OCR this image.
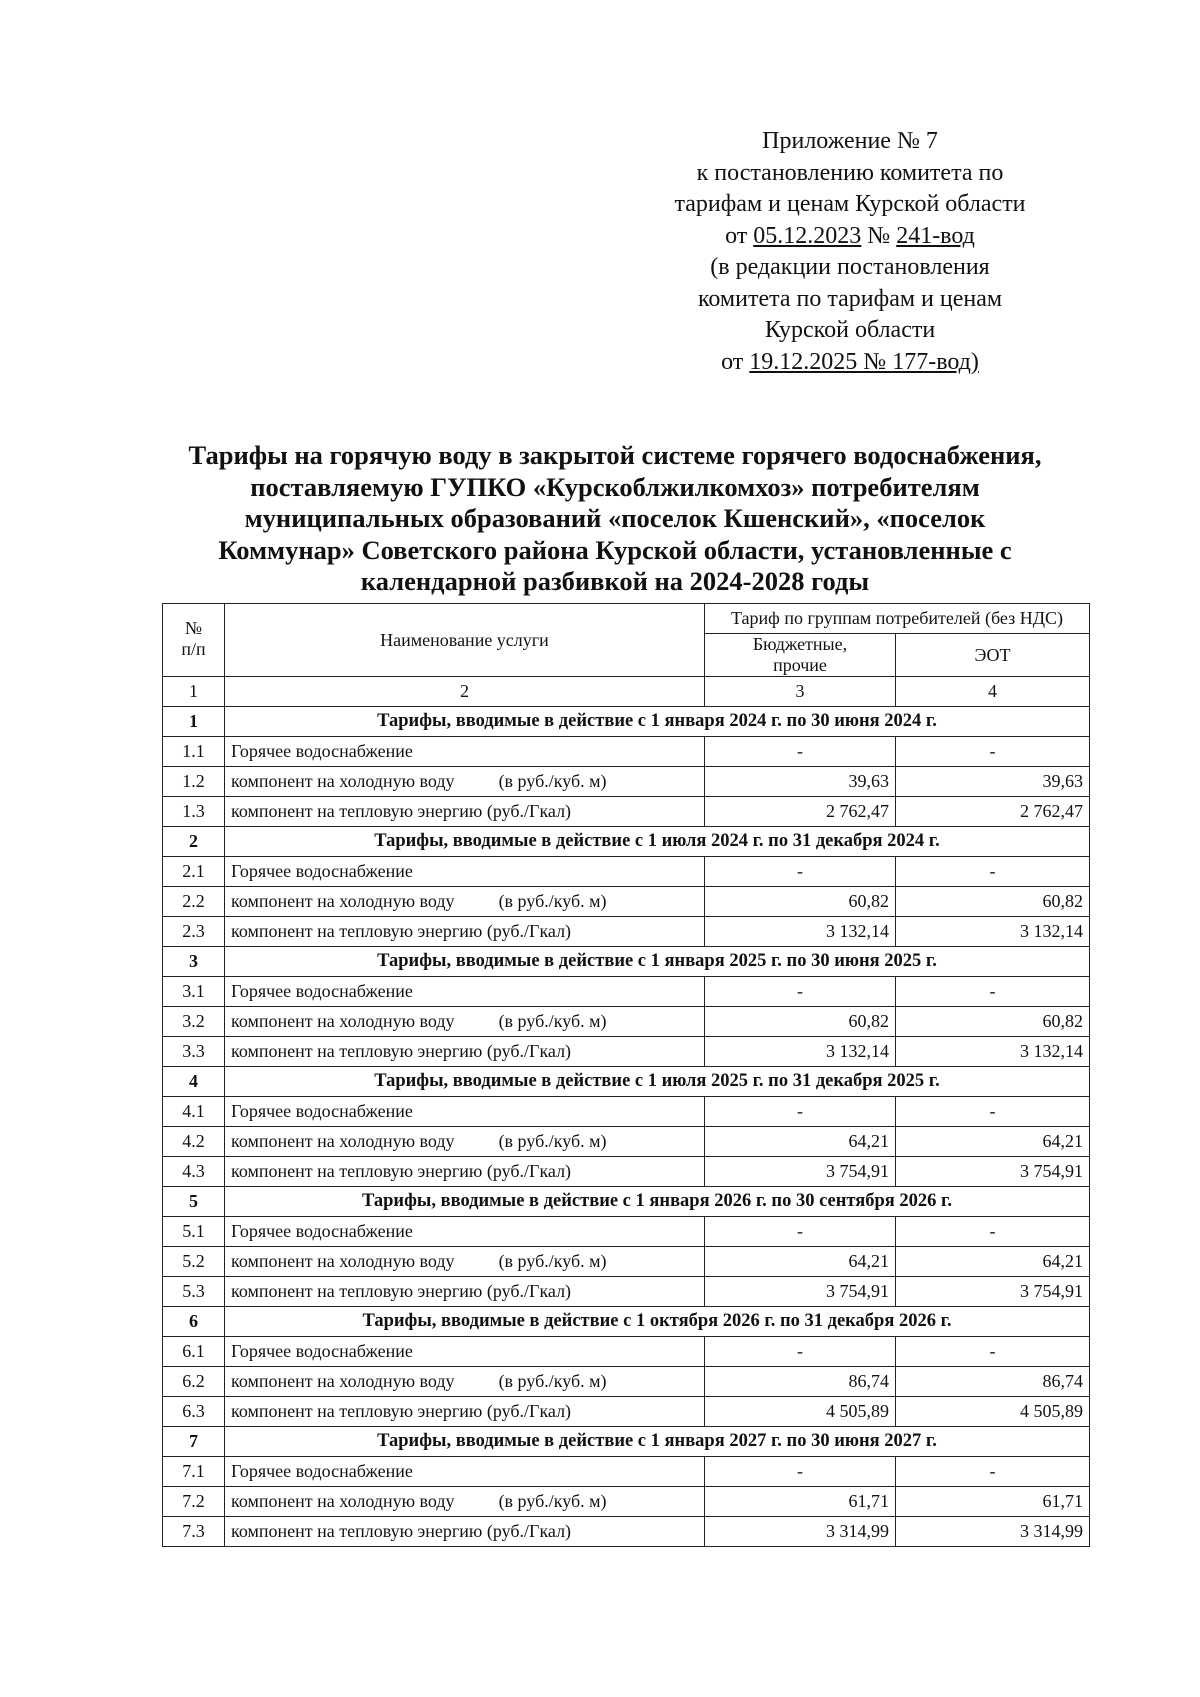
Приложение № 7
к постановлению комитета по
тарифам и ценам Курской области
от 05.12.2023 № 241-вод
(в редакции постановления
комитета по тарифам и ценам
Курской области
от 19.12.2025 № 177-вод)
Тарифы на горячую воду в закрытой системе горячего водоснабжения,
поставляемую ГУПКО «Курскоблжилкомхоз» потребителям
муниципальных образований «поселок Кшенский», «поселок
Коммунар» Советского района Курской области, установленные с
календарной разбивкой на 2024-2028 годы
№
п/п	Наименование услуги	Тариф по группам потребителей (без НДС)	
		Бюджетные, прочие	ЭОТ
1	2	3	4
1	Тарифы, вводимые в действие с 1 января 2024 г. по 30 июня 2024 г.		
1.1	Горячее водоснабжение	-	-
1.2	компонент на холодную воду (в руб./куб. м)	39,63	39,63
1.3	компонент на тепловую энергию (руб./Гкал)	2 762,47	2 762,47
2	Тарифы, вводимые в действие с 1 июля 2024 г. по 31 декабря 2024 г.		
2.1	Горячее водоснабжение	-	-
2.2	компонент на холодную воду (в руб./куб. м)	60,82	60,82
2.3	компонент на тепловую энергию (руб./Гкал)	3 132,14	3 132,14
3	Тарифы, вводимые в действие с 1 января 2025 г. по 30 июня 2025 г.		
3.1	Горячее водоснабжение	-	-
3.2	компонент на холодную воду (в руб./куб. м)	60,82	60,82
3.3	компонент на тепловую энергию (руб./Гкал)	3 132,14	3 132,14
4	Тарифы, вводимые в действие с 1 июля 2025 г. по 31 декабря 2025 г.		
4.1	Горячее водоснабжение	-	-
4.2	компонент на холодную воду (в руб./куб. м)	64,21	64,21
4.3	компонент на тепловую энергию (руб./Гкал)	3 754,91	3 754,91
5	Тарифы, вводимые в действие с 1 января 2026 г. по 30 сентября 2026 г.		
5.1	Горячее водоснабжение	-	-
5.2	компонент на холодную воду (в руб./куб. м)	64,21	64,21
5.3	компонент на тепловую энергию (руб./Гкал)	3 754,91	3 754,91
6	Тарифы, вводимые в действие с 1 октября 2026 г. по 31 декабря 2026 г.		
6.1	Горячее водоснабжение	-	-
6.2	компонент на холодную воду (в руб./куб. м)	86,74	86,74
6.3	компонент на тепловую энергию (руб./Гкал)	4 505,89	4 505,89
7	Тарифы, вводимые в действие с 1 января 2027 г. по 30 июня 2027 г.		
7.1	Горячее водоснабжение	-	-
7.2	компонент на холодную воду (в руб./куб. м)	61,71	61,71
7.3	компонент на тепловую энергию (руб./Гкал)	3 314,99	3 314,99
